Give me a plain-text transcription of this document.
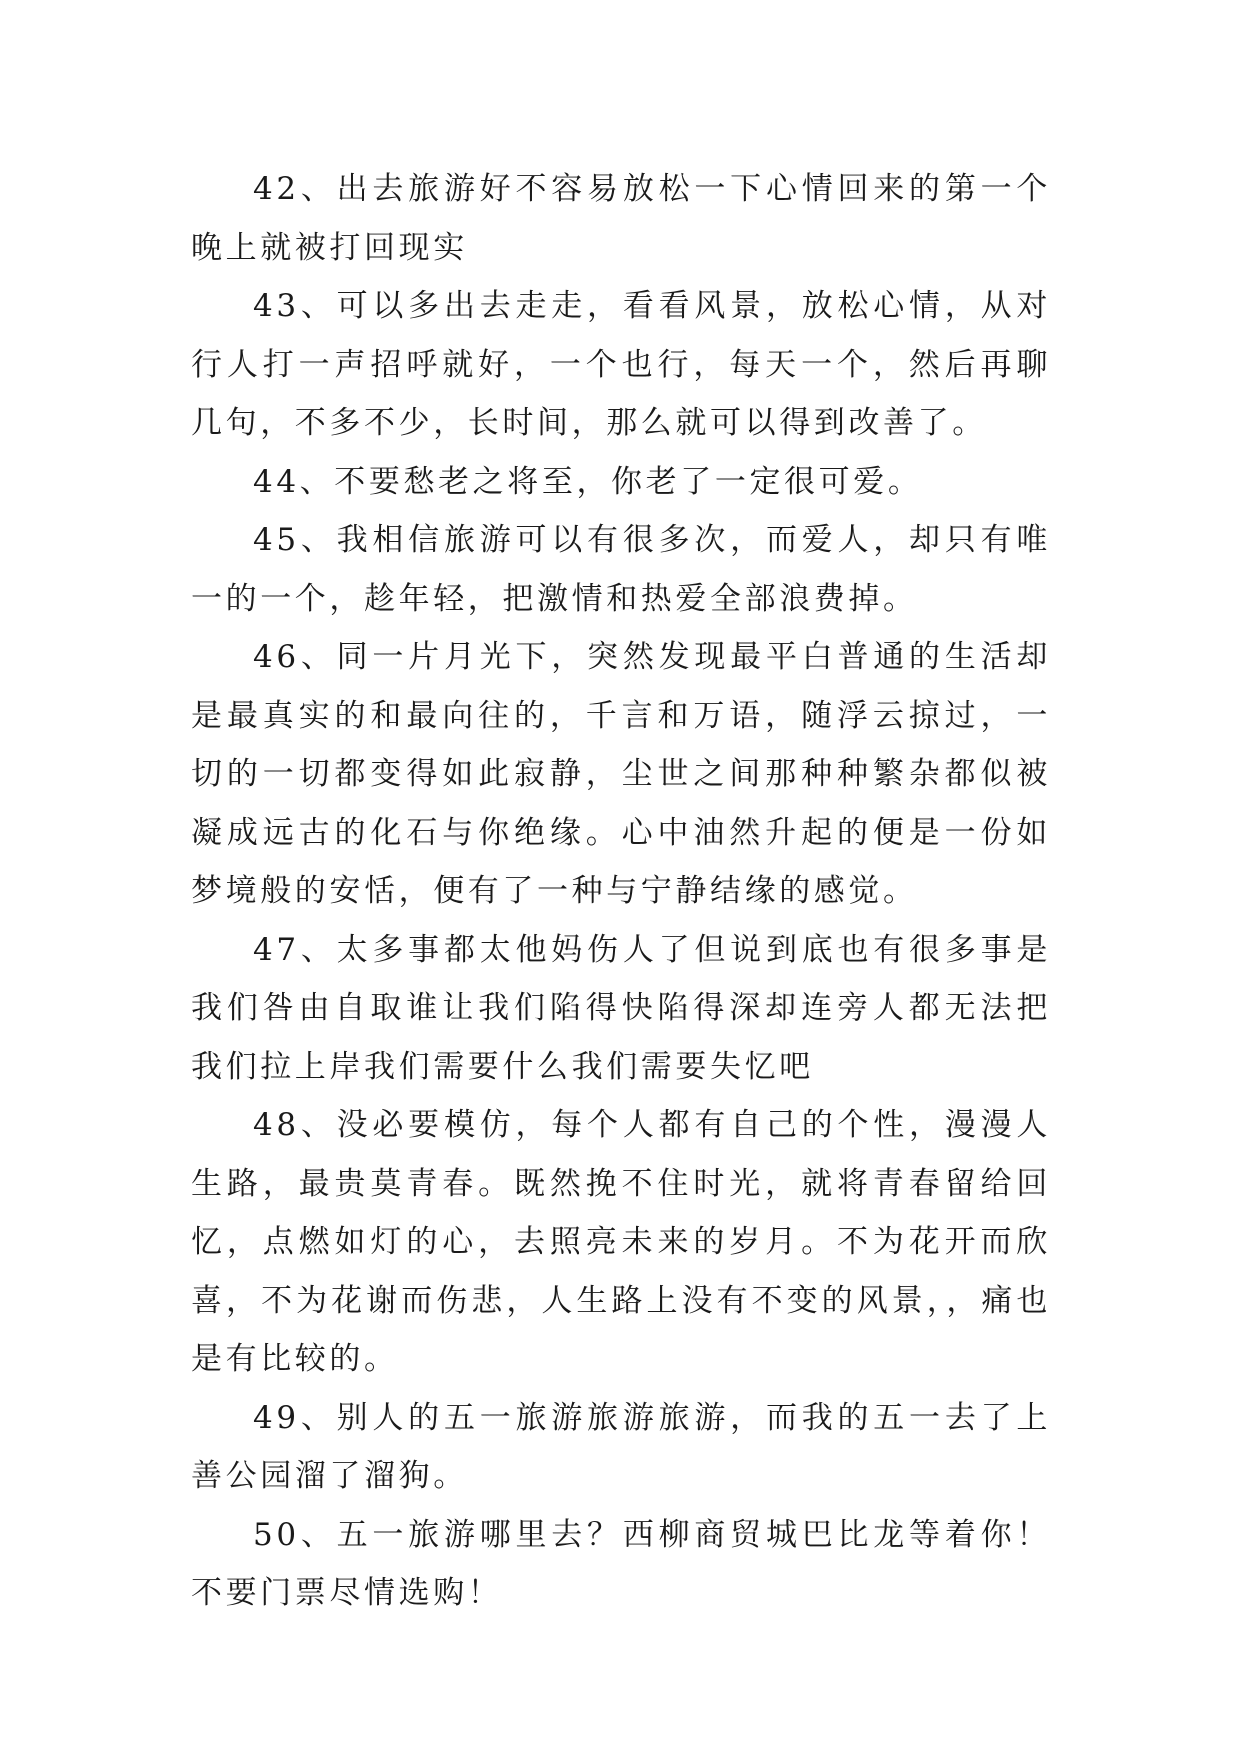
42、出去旅游好不容易放松一下心情回来的第一个晚上就被打回现实

43、可以多出去走走，看看风景，放松心情，从对行人打一声招呼就好，一个也行，每天一个，然后再聊几句，不多不少，长时间，那么就可以得到改善了。

44、不要愁老之将至，你老了一定很可爱。

45、我相信旅游可以有很多次，而爱人，却只有唯一的一个，趁年轻，把激情和热爱全部浪费掉。

46、同一片月光下，突然发现最平白普通的生活却是最真实的和最向往的，千言和万语，随浮云掠过，一切的一切都变得如此寂静，尘世之间那种种繁杂都似被凝成远古的化石与你绝缘。心中油然升起的便是一份如梦境般的安恬，便有了一种与宁静结缘的感觉。

47、太多事都太他妈伤人了但说到底也有很多事是我们咎由自取谁让我们陷得快陷得深却连旁人都无法把我们拉上岸我们需要什么我们需要失忆吧

48、没必要模仿，每个人都有自己的个性，漫漫人生路，最贵莫青春。既然挽不住时光，就将青春留给回忆，点燃如灯的心，去照亮未来的岁月。不为花开而欣喜，不为花谢而伤悲，人生路上没有不变的风景，，痛也是有比较的。

49、别人的五一旅游旅游旅游，而我的五一去了上善公园溜了溜狗。

50、五一旅游哪里去？西柳商贸城巴比龙等着你！不要门票尽情选购！
